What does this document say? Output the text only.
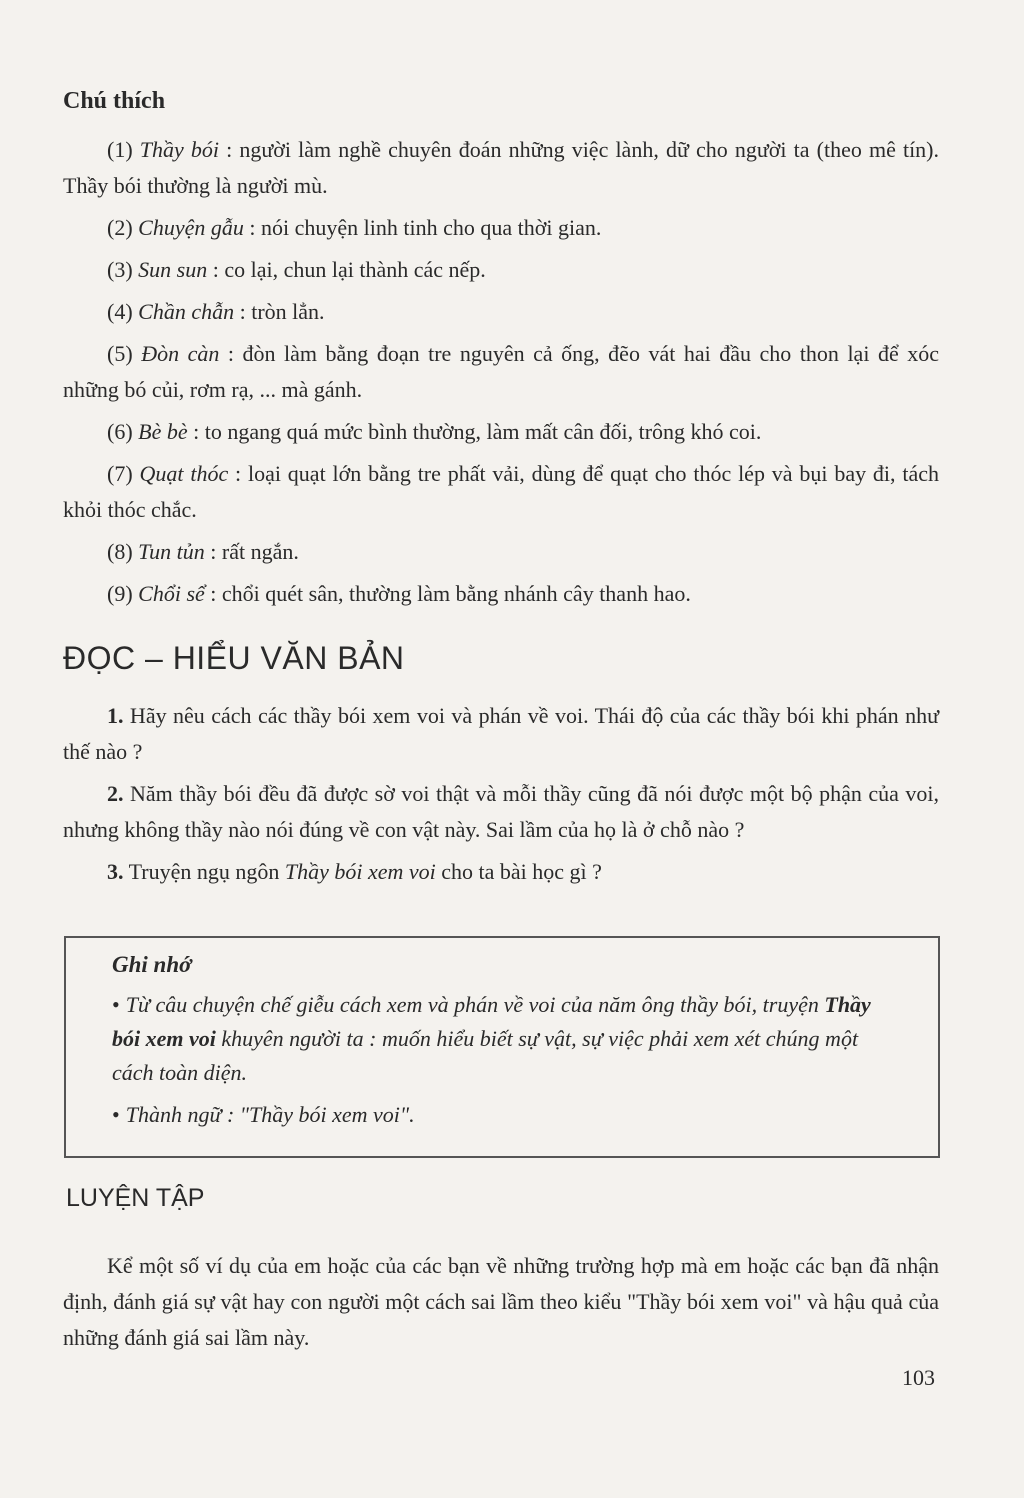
Chú thích

(1) Thầy bói : người làm nghề chuyên đoán những việc lành, dữ cho người ta (theo mê tín). Thầy bói thường là người mù.

(2) Chuyện gẫu : nói chuyện linh tinh cho qua thời gian.

(3) Sun sun : co lại, chun lại thành các nếp.

(4) Chần chẫn : tròn lẳn.

(5) Đòn càn : đòn làm bằng đoạn tre nguyên cả ống, đẽo vát hai đầu cho thon lại để xóc những bó củi, rơm rạ, ... mà gánh.

(6) Bè bè : to ngang quá mức bình thường, làm mất cân đối, trông khó coi.

(7) Quạt thóc : loại quạt lớn bằng tre phất vải, dùng để quạt cho thóc lép và bụi bay đi, tách khỏi thóc chắc.

(8) Tun tủn : rất ngắn.

(9) Chổi sể : chổi quét sân, thường làm bằng nhánh cây thanh hao.

ĐỌC – HIỂU VĂN BẢN

1. Hãy nêu cách các thầy bói xem voi và phán về voi. Thái độ của các thầy bói khi phán như thế nào ?

2. Năm thầy bói đều đã được sờ voi thật và mỗi thầy cũng đã nói được một bộ phận của voi, nhưng không thầy nào nói đúng về con vật này. Sai lầm của họ là ở chỗ nào ?

3. Truyện ngụ ngôn Thầy bói xem voi cho ta bài học gì ?

Ghi nhớ

• Từ câu chuyện chế giễu cách xem và phán về voi của năm ông thầy bói, truyện Thầy bói xem voi khuyên người ta : muốn hiểu biết sự vật, sự việc phải xem xét chúng một cách toàn diện.

• Thành ngữ : "Thầy bói xem voi".

LUYỆN TẬP

Kể một số ví dụ của em hoặc của các bạn về những trường hợp mà em hoặc các bạn đã nhận định, đánh giá sự vật hay con người một cách sai lầm theo kiểu "Thầy bói xem voi" và hậu quả của những đánh giá sai lầm này.

103
